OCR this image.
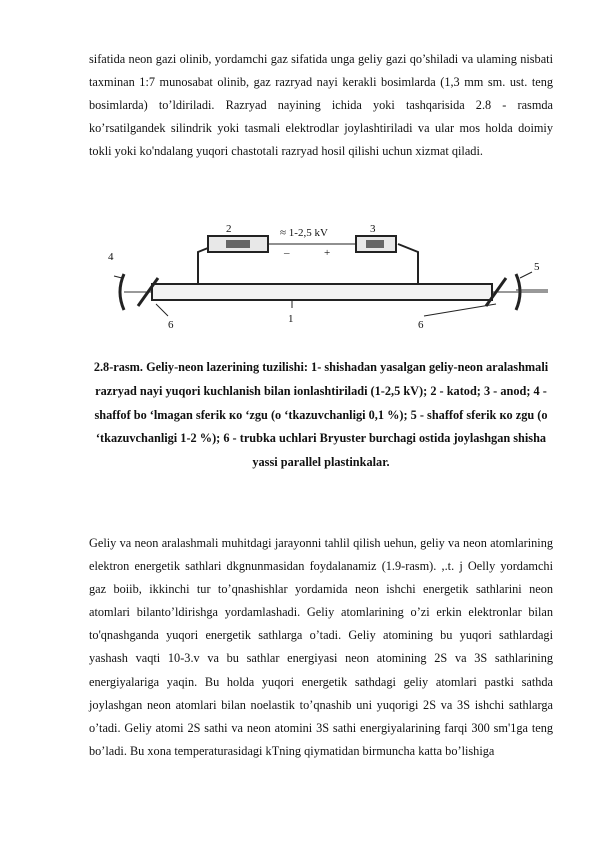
sifatida neon gazi olinib, yordamchi gaz sifatida unga geliy gazi qo’shiladi va ulaming nisbati taxminan 1:7 munosabat olinib, gaz razryad nayi kerakli bosimlarda (1,3 mm sm. ust. teng bosimlarda) to’ldiriladi. Razryad nayining ichida yoki tashqarisida 2.8 - rasmda ko’rsatilgandek silindrik yoki tasmali elektrodlar joylashtiriladi va ular mos holda doimiy tokli yoki ko'ndalang yuqori chastotali razryad hosil qilishi uchun xizmat qiladi.

2	3
4
5
1
6	6
≈ 1-2,5 kV
–	+

2.8-rasm. Geliy-neon lazerining tuzilishi: 1- shishadan yasalgan geliy-neon aralashmali razryad nayi yuqori kuchlanish bilan ionlashtiriladi (1-2,5 kV); 2 - katod; 3 - anod; 4 - shaffof bo ‘lmagan sferik кo ‘zgu (o ‘tkazuvchanligi 0,1 %); 5 - shaffof sferik кo zgu (o ‘tkazuvchanligi 1-2 %); 6 - trubka uchlari Bryuster burchagi ostida joylashgan shisha yassi parallel plastinkalar.

Geliy va neon aralashmali muhitdagi jarayonni tahlil qilish uehun, geliy va neon atomlarining elektron energetik sathlari dkgnunmasidan foydalanamiz (1.9-rasm). ,.t. j Oelly yordamchi gaz boiib, ikkinchi tur to’qnashishlar yordamida neon ishchi energetik sathlarini neon atomlari bilanto’ldirishga yordamlashadi. Geliy atomlarining o’zi erkin elektronlar bilan to'qnashganda yuqori energetik sathlarga o’tadi. Geliy atomining bu yuqori sathlardagi yashash vaqti 10-3.v va bu sathlar energiyasi neon atomining 2S va 3S sathlarining energiyalariga yaqin. Bu holda yuqori energetik sathdagi geliy atomlari pastki sathda joylashgan neon atomlari bilan noelastik to’qnashib uni yuqorigi 2S va 3S ishchi sathlarga o’tadi. Geliy atomi 2S sathi va neon atomini 3S sathi energiyalarining farqi 300 sm'1ga teng bo’ladi. Bu xona temperaturasidagi kTning qiymatidan birmuncha katta bo’lishiga
